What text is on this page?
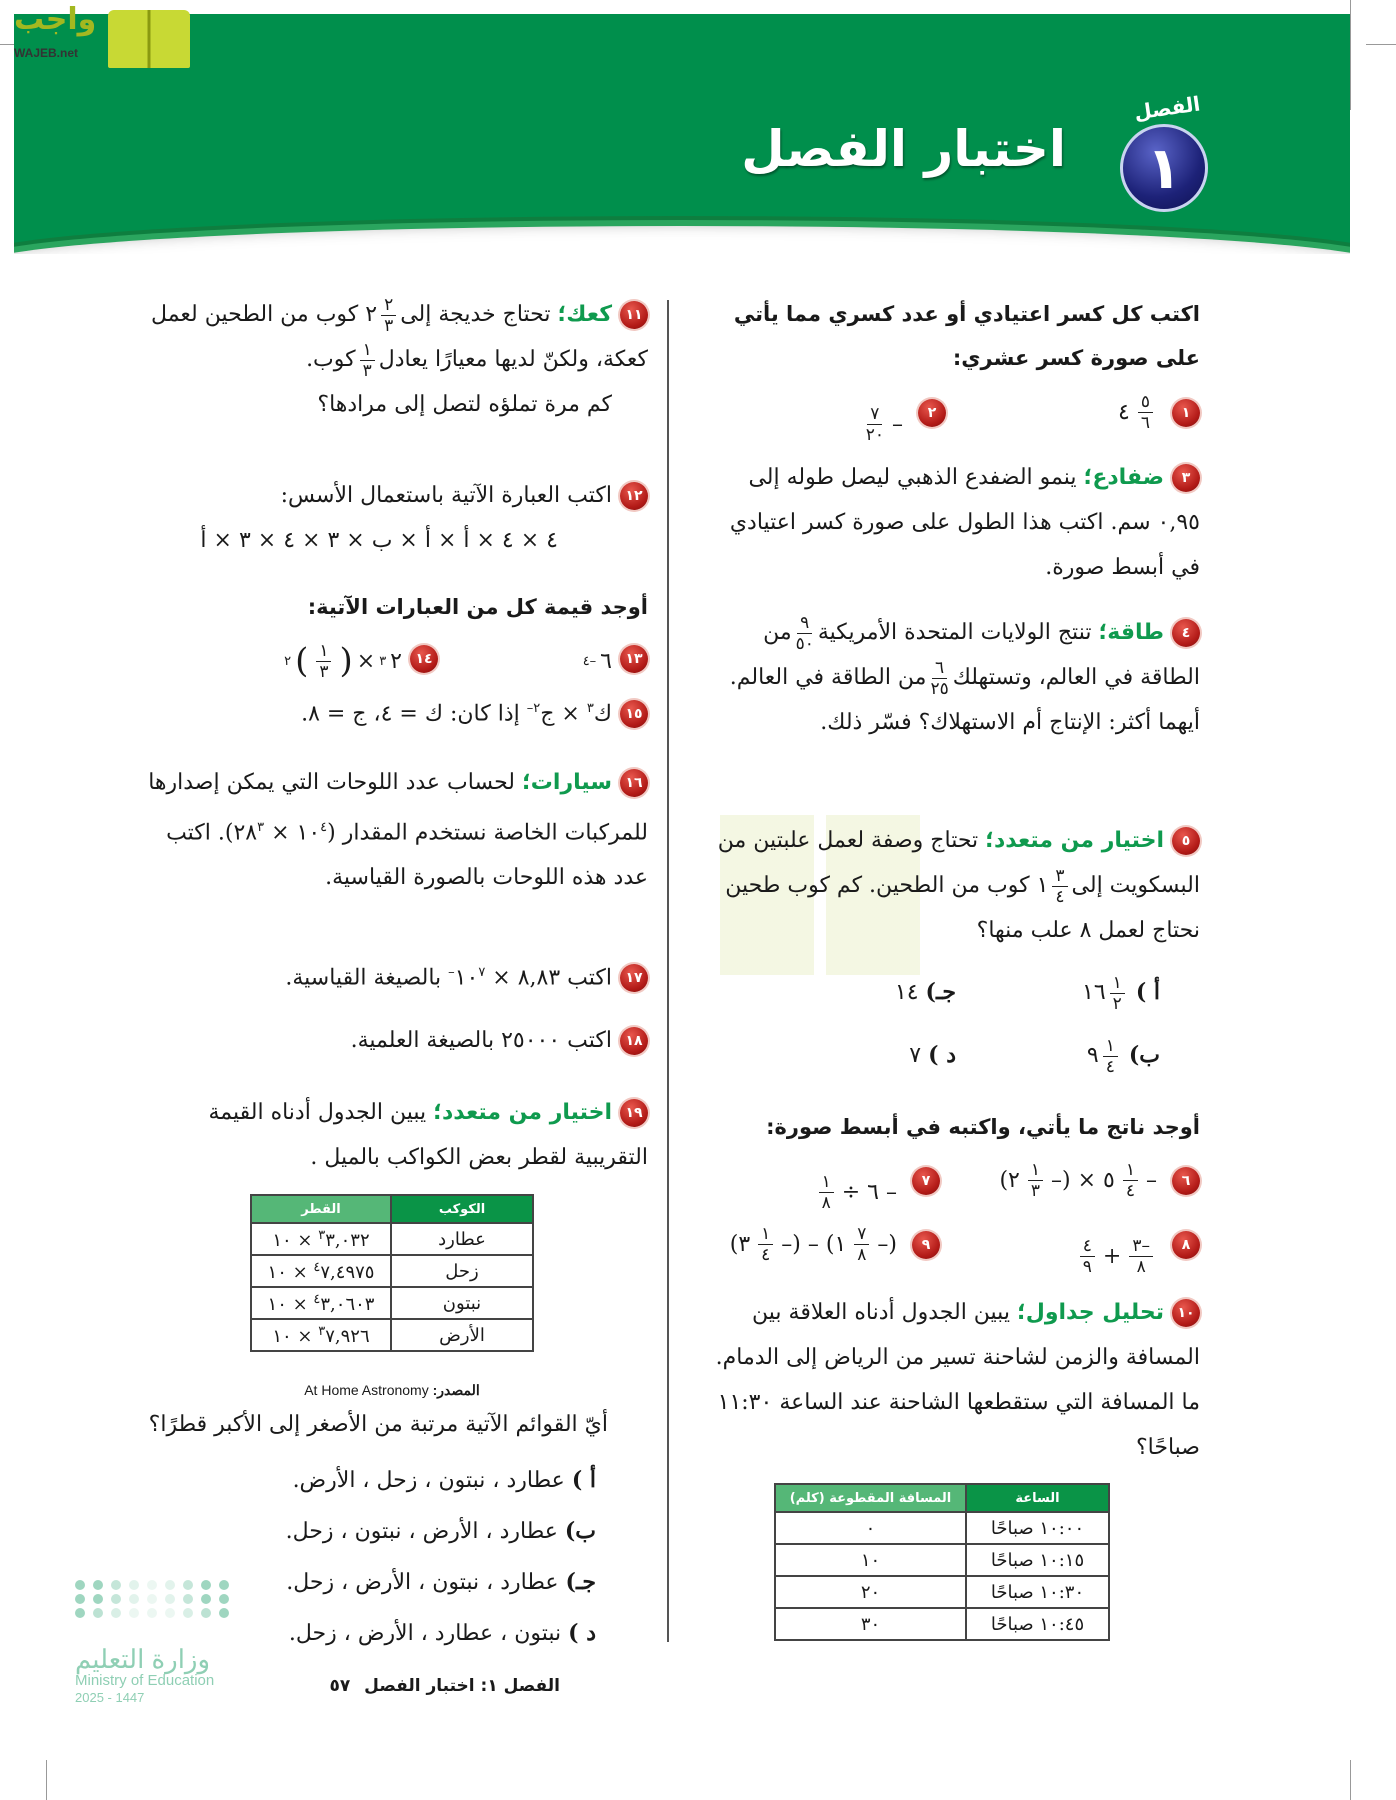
واجب
WAJEB.net
الفصل
١
اختبار الفصل
اكتب كل كسر اعتيادي أو عدد كسري مما يأتي على صورة كسر عشري:
١
٤ $\frac{٥}{٦}$
٢
$\frac{٧}{٢٠}$ –
٣ضفادع؛ ينمو الضفدع الذهبي ليصل طوله إلى ٠,٩٥ سم. اكتب هذا الطول على صورة كسر اعتيادي في أبسط صورة.
٤طاقة؛ تنتج الولايات المتحدة الأمريكية
$\frac{٩}{٥٠}$
من الطاقة في العالم، وتستهلك
$\frac{٦}{٢٥}$
من الطاقة في العالم. أيهما أكثر: الإنتاج أم الاستهلاك؟ فسّر ذلك.
٥اختيار من متعدد؛ تحتاج وصفة لعمل علبتين من البسكويت إلى
$\frac{٣}{٤}$
١ كوب من الطحين. كم كوب طحين نحتاج لعمل ٨ علب منها؟
أ )
$\frac{١}{٢}$
١٦
ب)
$\frac{١}{٤}$
٩
جـ) ١٤
د ) ٧
أوجد ناتج ما يأتي، واكتبه في أبسط صورة:
٦
(٢ $\frac{١}{٣}$ –) × ٥ $\frac{١}{٤}$ –
٧
$\frac{١}{٨}$ ÷ ٦ –
٨
$\frac{٤}{٩} + \frac{٣-}{٨}$
٩
(٣ $\frac{١}{٤}$ –) – (١ $\frac{٧}{٨}$ –)
١٠تحليل جداول؛ يبين الجدول أدناه العلاقة بين المسافة والزمن لشاحنة تسير من الرياض إلى الدمام. ما المسافة التي ستقطعها الشاحنة عند الساعة ١١:٣٠ صباحًا؟
الساعة	المسافة المقطوعة (كلم)
١٠:٠٠ صباحًا	٠
١٠:١٥ صباحًا	١٠
١٠:٣٠ صباحًا	٢٠
١٠:٤٥ صباحًا	٣٠
١١كعك؛ تحتاج خديجة إلى
$\frac{٢}{٣}$
٢ كوب من الطحين لعمل كعكة، ولكنّ لديها معيارًا يعادل
$\frac{١}{٣}$
كوب.
كم مرة تملؤه لتصل إلى مرادها؟
١٢اكتب العبارة الآتية باستعمال الأسس:
٤ × ٤ × أ × أ × ب × ٣ × ٤ × ٣ × أ
أوجد قيمة كل من العبارات الآتية:
١٣
٤– ٦
١٤
٢ ( $\frac{١}{٣}$ ) × ٣ ٢
١٥ك$^٣$ × ج$^{٢-}$ إذا كان: ك = ٤، ج = ٨.
١٦سيارات؛ لحساب عدد اللوحات التي يمكن إصدارها للمركبات الخاصة نستخدم المقدار ($١٠^٤$ × $٢٨^٣$). اكتب عدد هذه اللوحات بالصورة القياسية.
١٧اكتب ٨,٨٣ × $١٠^{٧-}$ بالصيغة القياسية.
١٨اكتب ٢٥٠٠٠ بالصيغة العلمية.
١٩اختيار من متعدد؛ يبين الجدول أدناه القيمة التقريبية لقطر بعض الكواكب بالميل .
الكوكب	القطر
عطارد	$^٣$٣,٠٣٢ × ١٠
زحل	$^٤$٧,٤٩٧٥ × ١٠
نبتون	$^٤$٣,٠٦٠٣ × ١٠
الأرض	$^٣$٧,٩٢٦ × ١٠
المصدر: At Home Astronomy
أيّ القوائم الآتية مرتبة من الأصغر إلى الأكبر قطرًا؟
أ ) عطارد ، نبتون ، زحل ، الأرض.
ب) عطارد ، الأرض ، نبتون ، زحل.
جـ) عطارد ، نبتون ، الأرض ، زحل.
د ) نبتون ، عطارد ، الأرض ، زحل.
وزارة التعليم
Ministry of Education
2025 - 1447
الفصل ١: اختبار الفصل ٥٧
